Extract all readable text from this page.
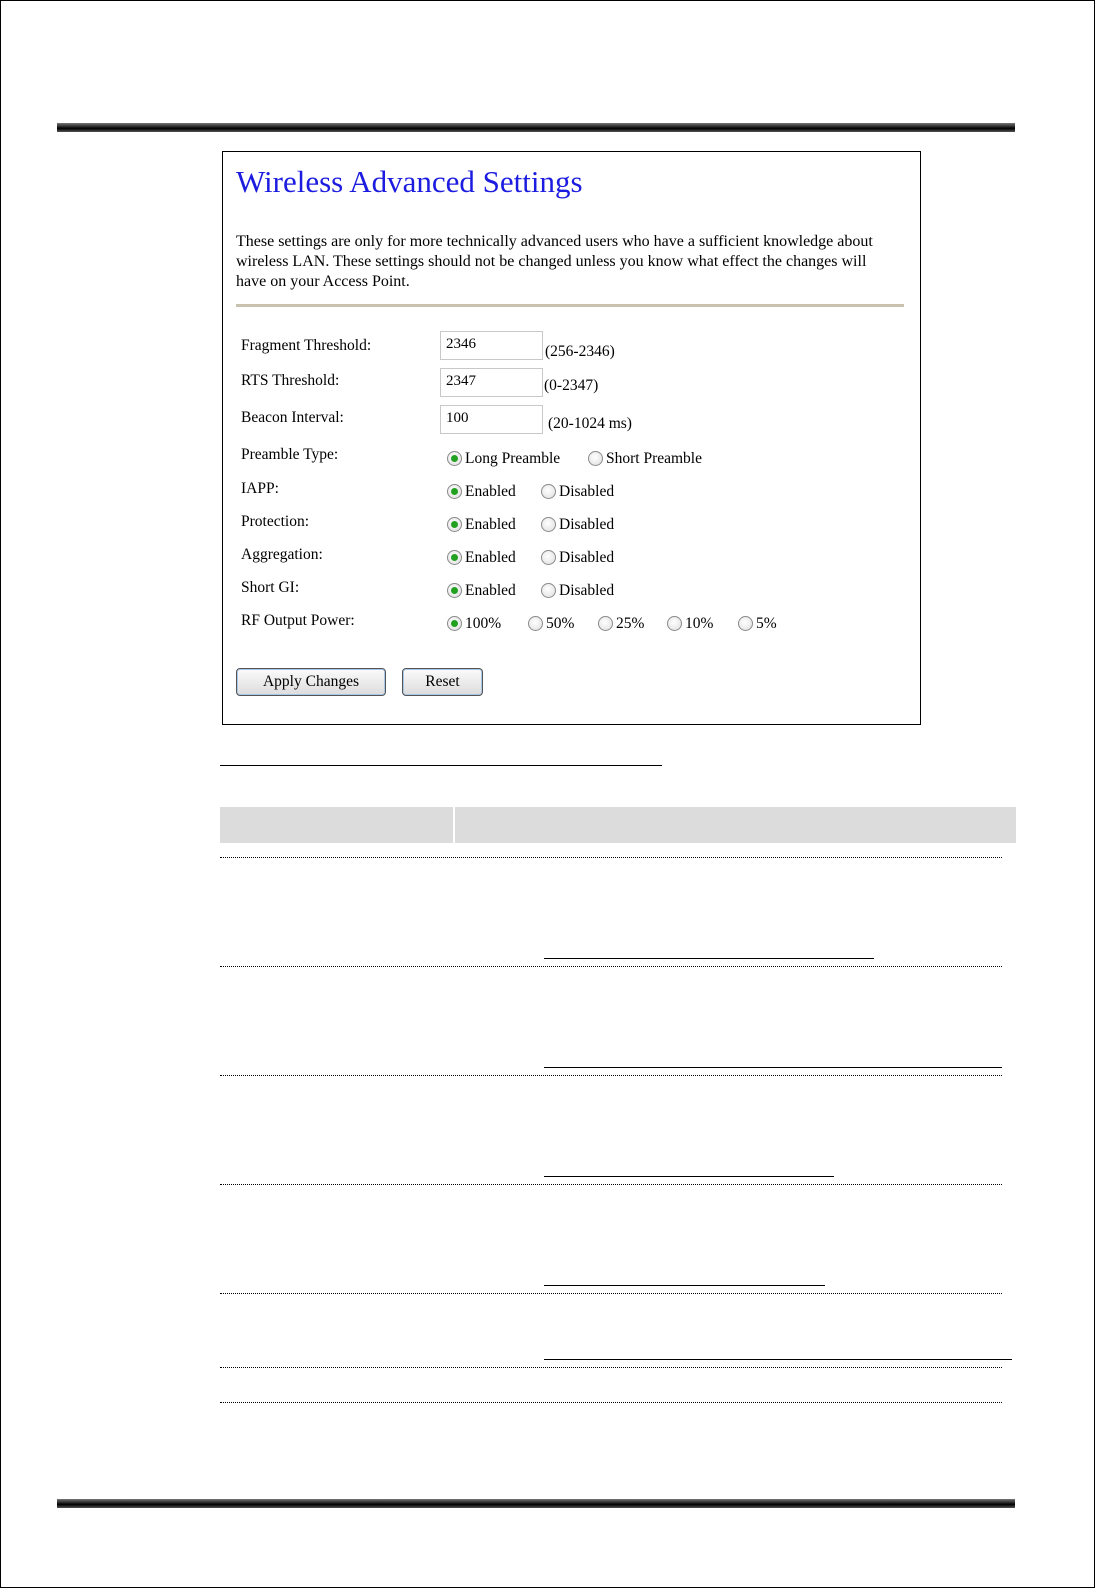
Wireless Advanced Settings
These settings are only for more technically advanced users who have a sufficient knowledge about wireless LAN. These settings should not be changed unless you know what effect the changes will have on your Access Point.
Fragment Threshold:	2346	(256-2346)
RTS Threshold:	2347	(0-2347)
Beacon Interval:	100	(20-1024 ms)
Preamble Type:	Long Preamble	Short Preamble
IAPP:	Enabled	Disabled
Protection:	Enabled	Disabled
Aggregation:	Enabled	Disabled
Short GI:	Enabled	Disabled
RF Output Power:	100%	50%	25%	10%	5%
Apply Changes	Reset
